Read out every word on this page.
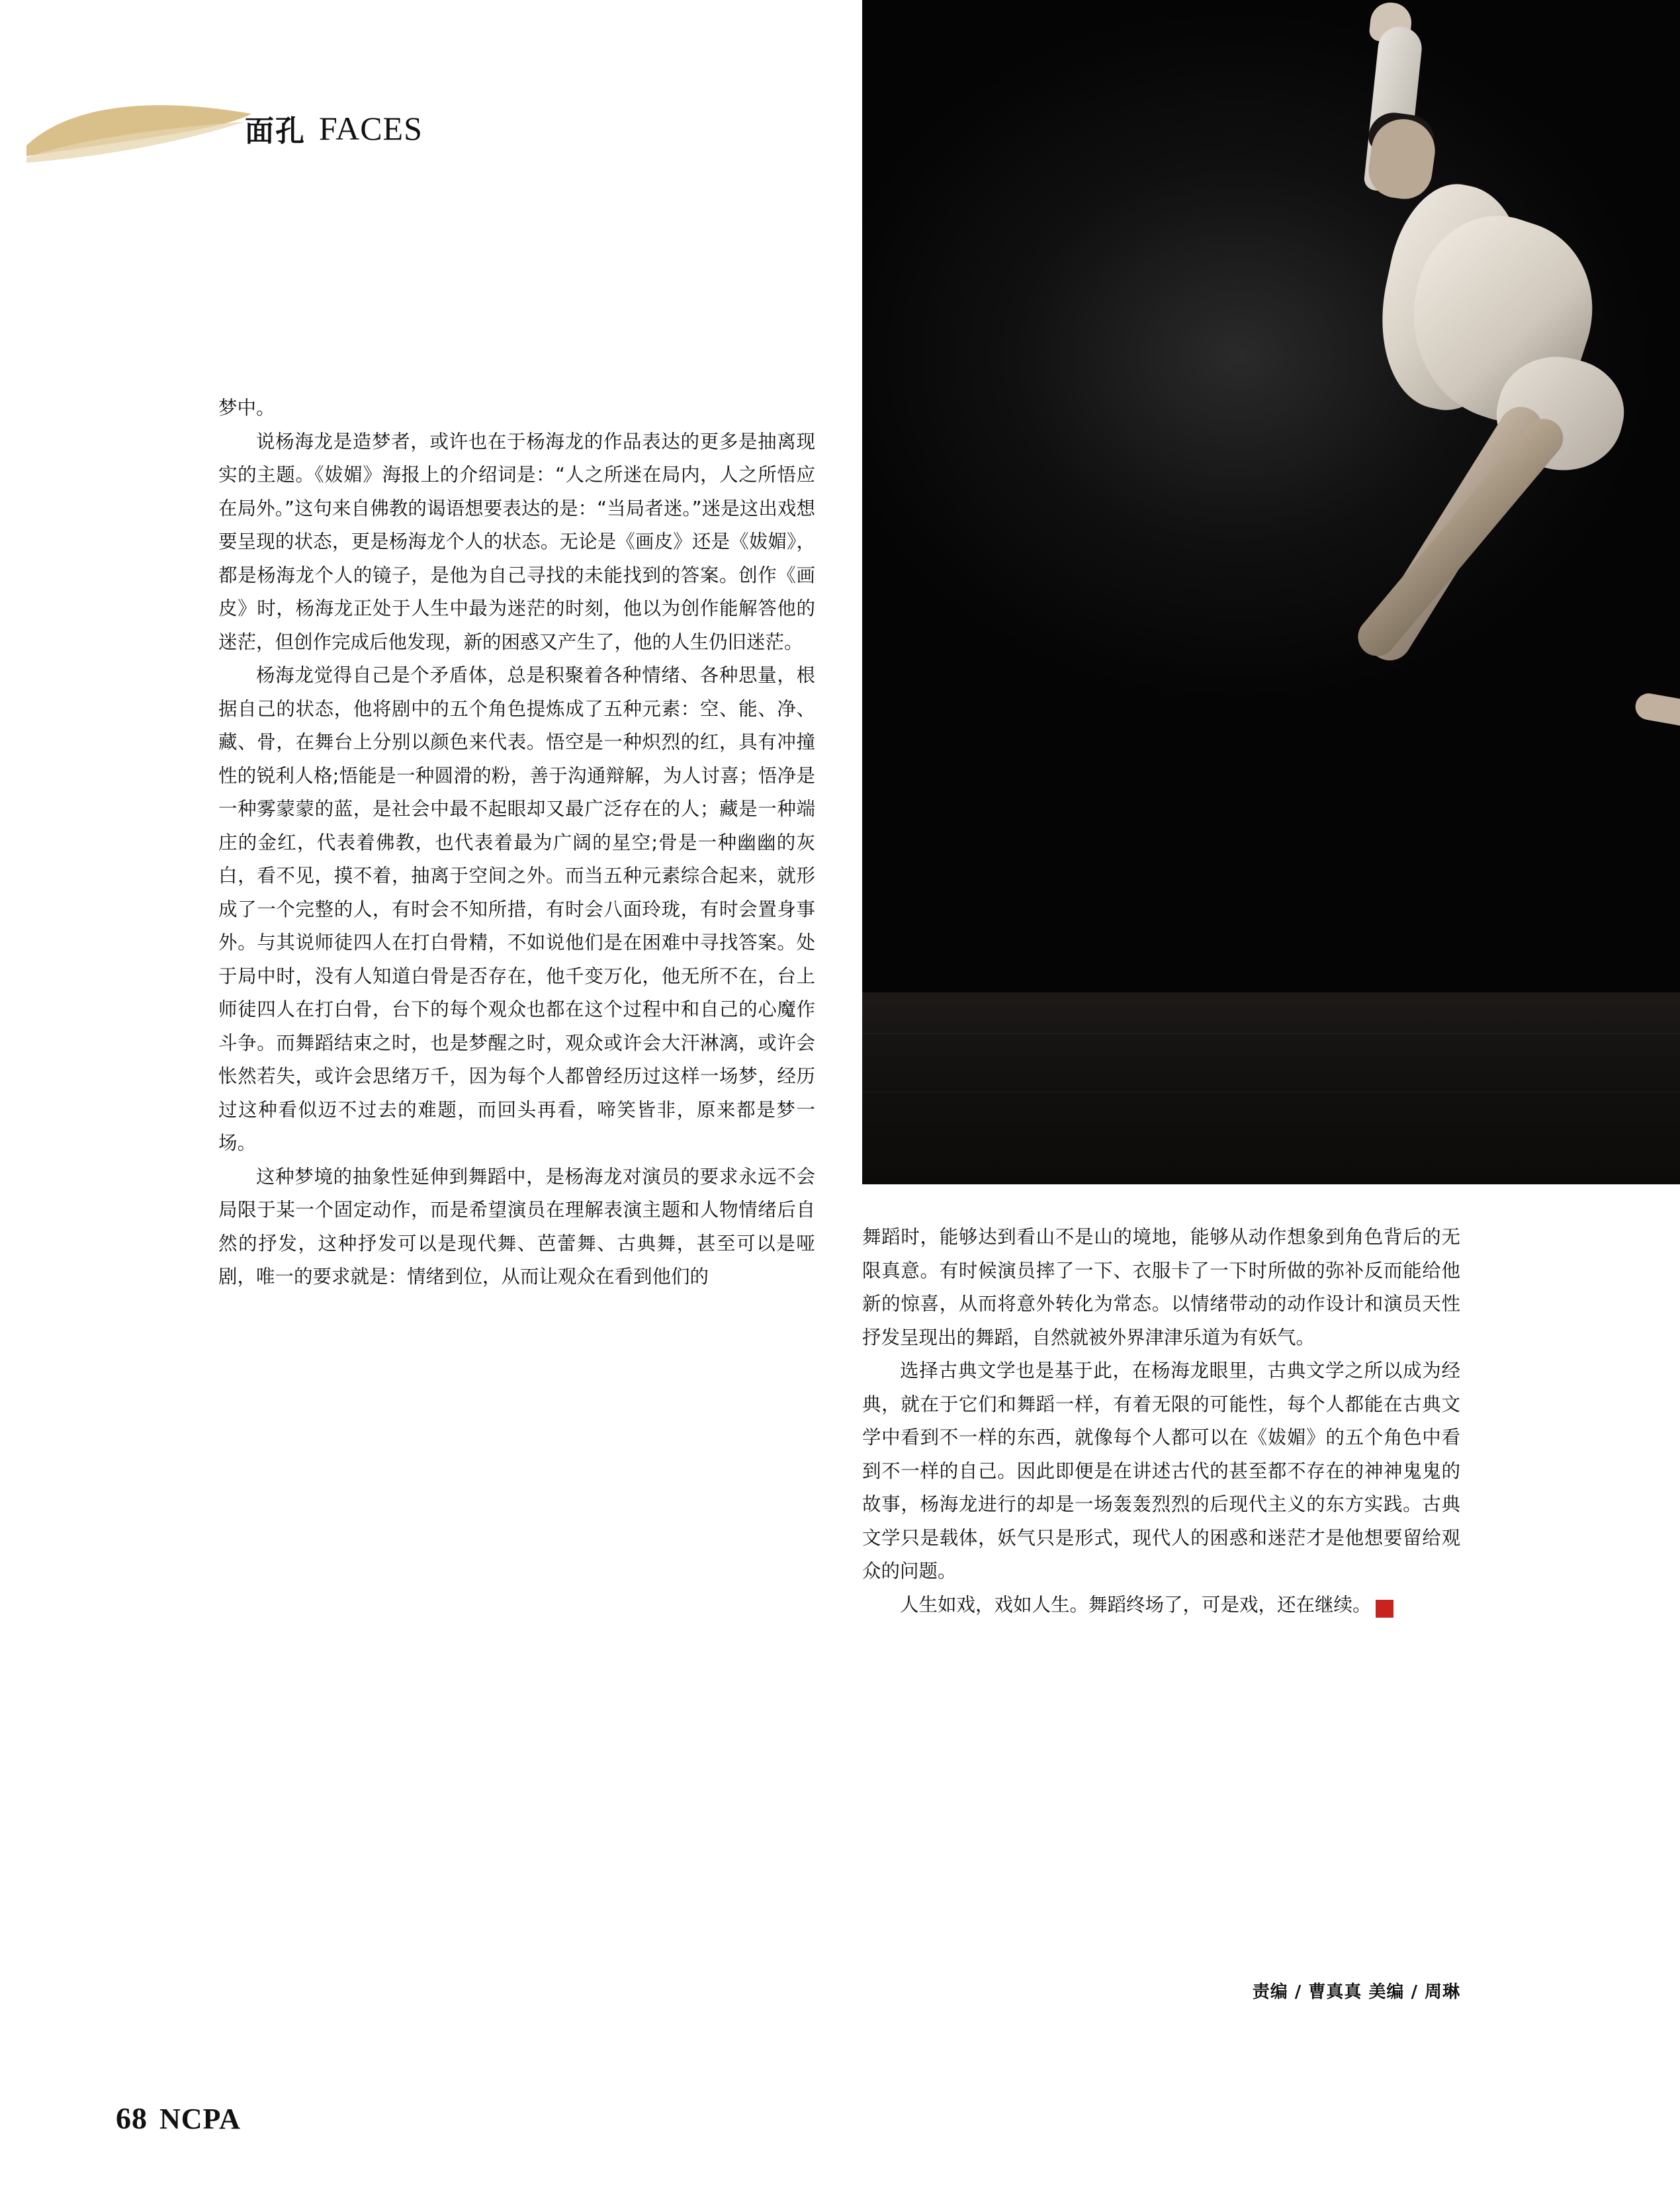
面孔 FACES

梦中。

说杨海龙是造梦者，或许也在于杨海龙的作品表达的更多是抽离现实的主题。《妭媚》海报上的介绍词是：“人之所迷在局内，人之所悟应在局外。”这句来自佛教的谒语想要表达的是：“当局者迷。”迷是这出戏想要呈现的状态，更是杨海龙个人的状态。无论是《画皮》还是《妭媚》，都是杨海龙个人的镜子，是他为自己寻找的未能找到的答案。创作《画皮》时，杨海龙正处于人生中最为迷茫的时刻，他以为创作能解答他的迷茫，但创作完成后他发现，新的困惑又产生了，他的人生仍旧迷茫。

杨海龙觉得自己是个矛盾体，总是积聚着各种情绪、各种思量，根据自己的状态，他将剧中的五个角色提炼成了五种元素：空、能、净、藏、骨，在舞台上分别以颜色来代表。悟空是一种炽烈的红，具有冲撞性的锐利人格;悟能是一种圆滑的粉，善于沟通辩解，为人讨喜；悟净是一种雾蒙蒙的蓝，是社会中最不起眼却又最广泛存在的人；藏是一种端庄的金红，代表着佛教，也代表着最为广阔的星空;骨是一种幽幽的灰白，看不见，摸不着，抽离于空间之外。而当五种元素综合起来，就形成了一个完整的人，有时会不知所措，有时会八面玲珑，有时会置身事外。与其说师徒四人在打白骨精，不如说他们是在困难中寻找答案。处于局中时，没有人知道白骨是否存在，他千变万化，他无所不在，台上师徒四人在打白骨，台下的每个观众也都在这个过程中和自己的心魔作斗争。而舞蹈结束之时，也是梦醒之时，观众或许会大汗淋漓，或许会怅然若失，或许会思绪万千，因为每个人都曾经历过这样一场梦，经历过这种看似迈不过去的难题，而回头再看，啼笑皆非，原来都是梦一场。

这种梦境的抽象性延伸到舞蹈中，是杨海龙对演员的要求永远不会局限于某一个固定动作，而是希望演员在理解表演主题和人物情绪后自然的抒发，这种抒发可以是现代舞、芭蕾舞、古典舞，甚至可以是哑剧，唯一的要求就是：情绪到位，从而让观众在看到他们的

舞蹈时，能够达到看山不是山的境地，能够从动作想象到角色背后的无限真意。有时候演员摔了一下、衣服卡了一下时所做的弥补反而能给他新的惊喜，从而将意外转化为常态。以情绪带动的动作设计和演员天性抒发呈现出的舞蹈，自然就被外界津津乐道为有妖气。

选择古典文学也是基于此，在杨海龙眼里，古典文学之所以成为经典，就在于它们和舞蹈一样，有着无限的可能性，每个人都能在古典文学中看到不一样的东西，就像每个人都可以在《妭媚》的五个角色中看到不一样的自己。因此即便是在讲述古代的甚至都不存在的神神鬼鬼的故事，杨海龙进行的却是一场轰轰烈烈的后现代主义的东方实践。古典文学只是载体，妖气只是形式，现代人的困惑和迷茫才是他想要留给观众的问题。

人生如戏，戏如人生。舞蹈终场了，可是戏，还在继续。	N

责编 / 曹真真 美编 / 周琳
68 NCPA
